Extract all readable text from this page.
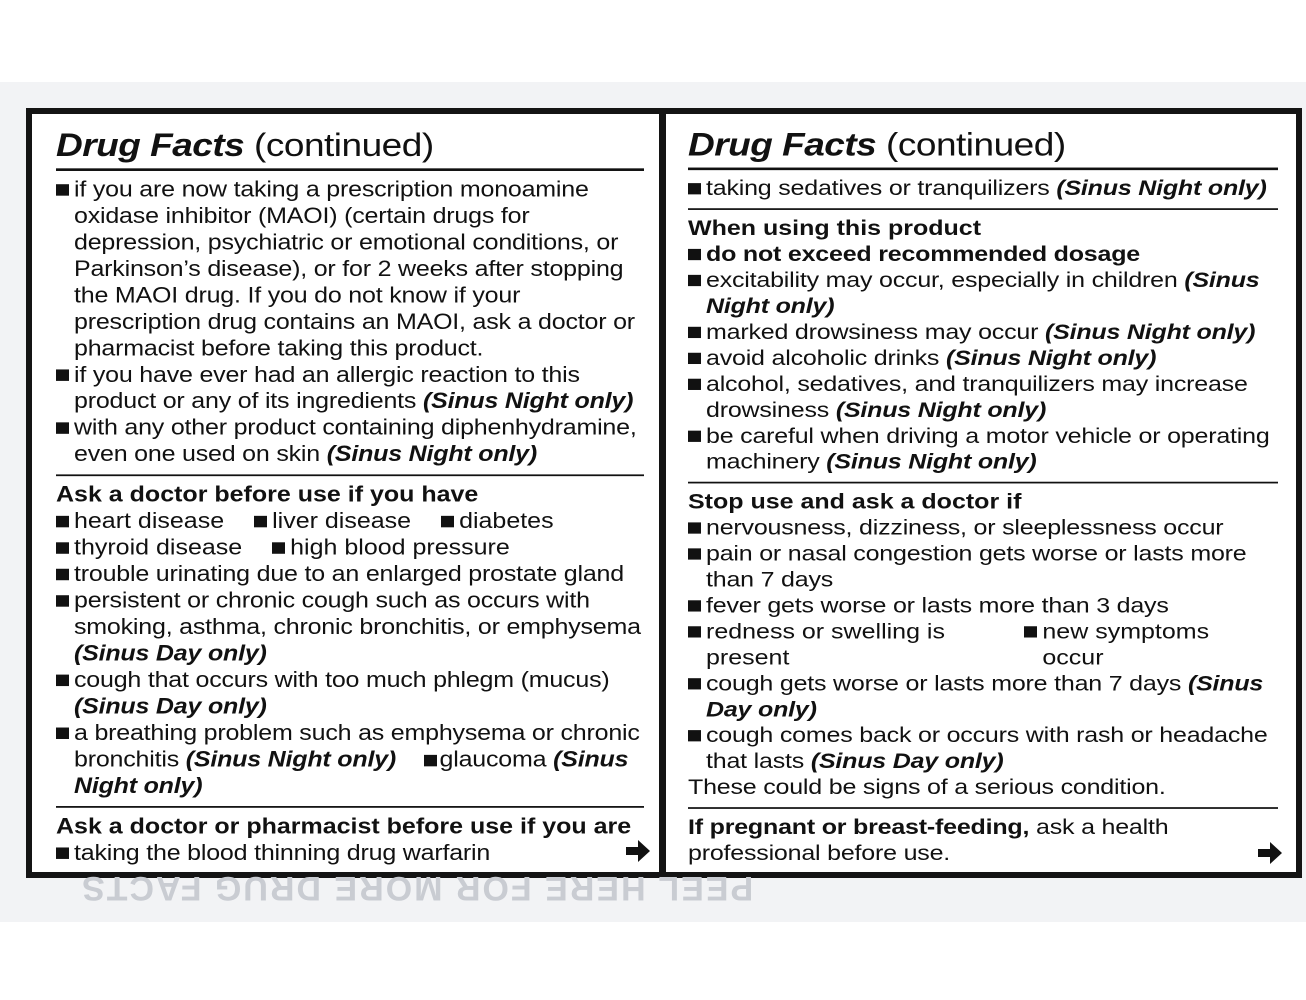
Drug Facts (continued)
if you are now taking a prescription monoamine oxidase inhibitor (MAOI) (certain drugs for depression, psychiatric or emotional conditions, or Parkinson’s disease), or for 2 weeks after stopping the MAOI drug. If you do not know if your prescription drug contains an MAOI, ask a doctor or pharmacist before taking this product.
if you have ever had an allergic reaction to this product or any of its ingredients (Sinus Night only)
with any other product containing diphenhydramine, even one used on skin (Sinus Night only)
Ask a doctor before use if you have
heart disease	liver disease	diabetes
thyroid disease	high blood pressure
trouble urinating due to an enlarged prostate gland
persistent or chronic cough such as occurs with smoking, asthma, chronic bronchitis, or emphysema (Sinus Day only)
cough that occurs with too much phlegm (mucus) (Sinus Day only)
a breathing problem such as emphysema or chronic bronchitis (Sinus Night only) glaucoma (Sinus Night only)
Ask a doctor or pharmacist before use if you are
taking the blood thinning drug warfarin
Drug Facts (continued)
taking sedatives or tranquilizers (Sinus Night only)
When using this product
do not exceed recommended dosage
excitability may occur, especially in children (Sinus Night only)
marked drowsiness may occur (Sinus Night only)
avoid alcoholic drinks (Sinus Night only)
alcohol, sedatives, and tranquilizers may increase drowsiness (Sinus Night only)
be careful when driving a motor vehicle or operating machinery (Sinus Night only)
Stop use and ask a doctor if
nervousness, dizziness, or sleeplessness occur
pain or nasal congestion gets worse or lasts more than 7 days
fever gets worse or lasts more than 3 days
redness or swelling is present
new symptoms occur
cough gets worse or lasts more than 7 days (Sinus Day only)
cough comes back or occurs with rash or headache that lasts (Sinus Day only)
These could be signs of a serious condition.
If pregnant or breast-feeding, ask a health professional before use.
PEEL HERE FOR MORE DRUG FACTS
